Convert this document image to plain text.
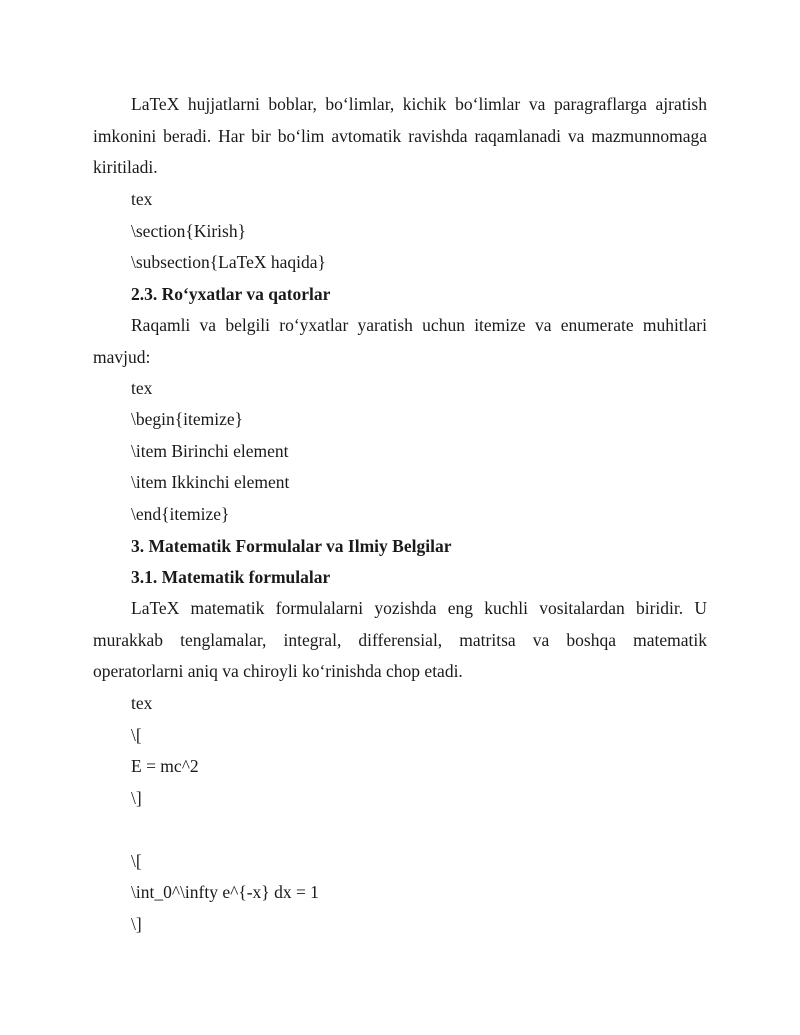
LaTeX hujjatlarni boblar, bo‘limlar, kichik bo‘limlar va paragraflarga ajratish imkonini beradi. Har bir bo‘lim avtomatik ravishda raqamlanadi va mazmunnomaga kiritiladi.

tex
\section{Kirish}
\subsection{LaTeX haqida}
2.3. Ro‘yxatlar va qatorlar

Raqamli va belgili ro‘yxatlar yaratish uchun itemize va enumerate muhitlari mavjud:

tex
\begin{itemize}
\item Birinchi element
\item Ikkinchi element
\end{itemize}
3. Matematik Formulalar va Ilmiy Belgilar
3.1. Matematik formulalar

LaTeX matematik formulalarni yozishda eng kuchli vositalardan biridir. U murakkab tenglamalar, integral, differensial, matritsa va boshqa matematik operatorlarni aniq va chiroyli ko‘rinishda chop etadi.

tex
\[
E = mc^2
\]
\[
\int_0^\infty e^{-x} dx = 1
\]
